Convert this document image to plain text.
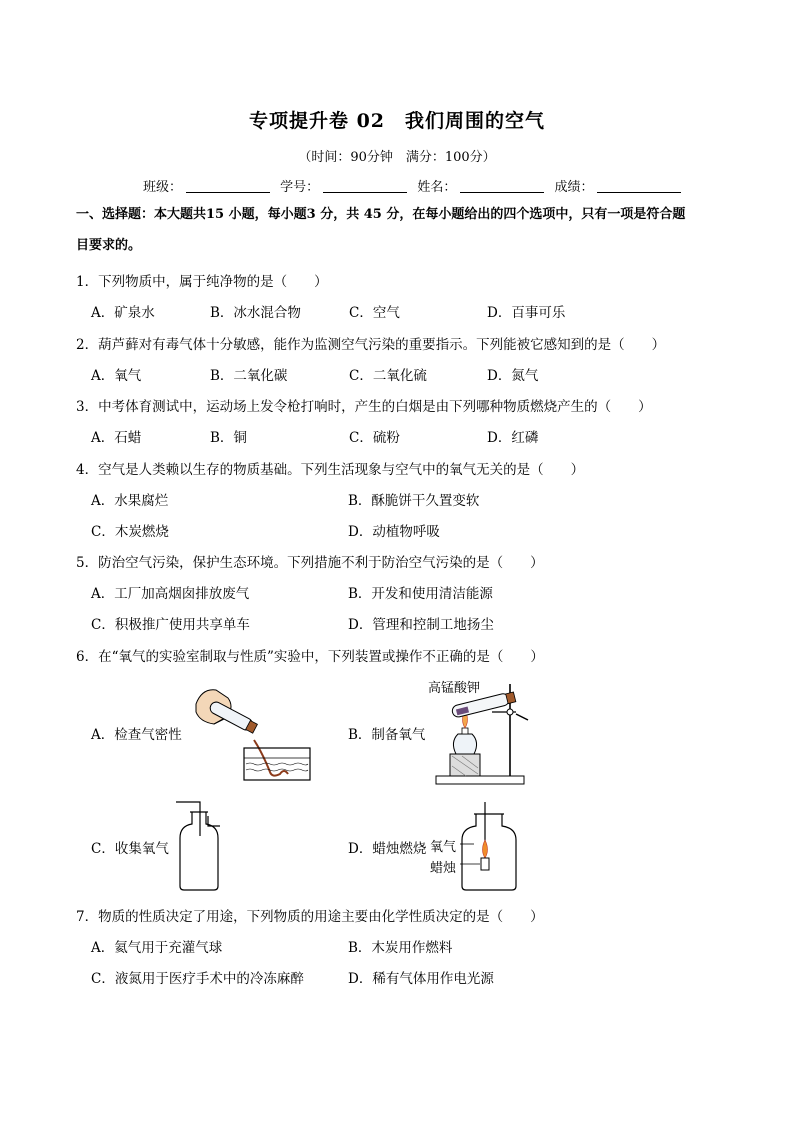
专项提升卷 02　我们周围的空气
（时间：90分钟　满分：100分）
班级：	学号：	姓名：	成绩：
一、选择题：本大题共15 小题，每小题3 分，共 45 分，在每小题给出的四个选项中，只有一项是符合题
目要求的。
1．下列物质中，属于纯净物的是（　　）
A．矿泉水	B．冰水混合物	C．空气	D．百事可乐
2．葫芦藓对有毒气体十分敏感，能作为监测空气污染的重要指示。下列能被它感知到的是（　　）
A．氧气	B．二氧化碳	C．二氧化硫	D．氮气
3．中考体育测试中，运动场上发令枪打响时，产生的白烟是由下列哪种物质燃烧产生的（　　）
A．石蜡	B．铜	C．硫粉	D．红磷
4．空气是人类赖以生存的物质基础。下列生活现象与空气中的氧气无关的是（　　）
A．水果腐烂	B．酥脆饼干久置变软
C．木炭燃烧	D．动植物呼吸
5．防治空气污染，保护生态环境。下列措施不利于防治空气污染的是（　　）
A．工厂加高烟囱排放废气	B．开发和使用清洁能源
C．积极推广使用共享单车	D．管理和控制工地扬尘
6．在“氧气的实验室制取与性质”实验中，下列装置或操作不正确的是（　　）
A．检查气密性	B．制备氧气
高锰酸钾
C．收集氧气	D．蜡烛燃烧 氧气
蜡烛
7．物质的性质决定了用途，下列物质的用途主要由化学性质决定的是（　　）
A．氦气用于充灌气球	B．木炭用作燃料
C．液氮用于医疗手术中的冷冻麻醉	D．稀有气体用作电光源
